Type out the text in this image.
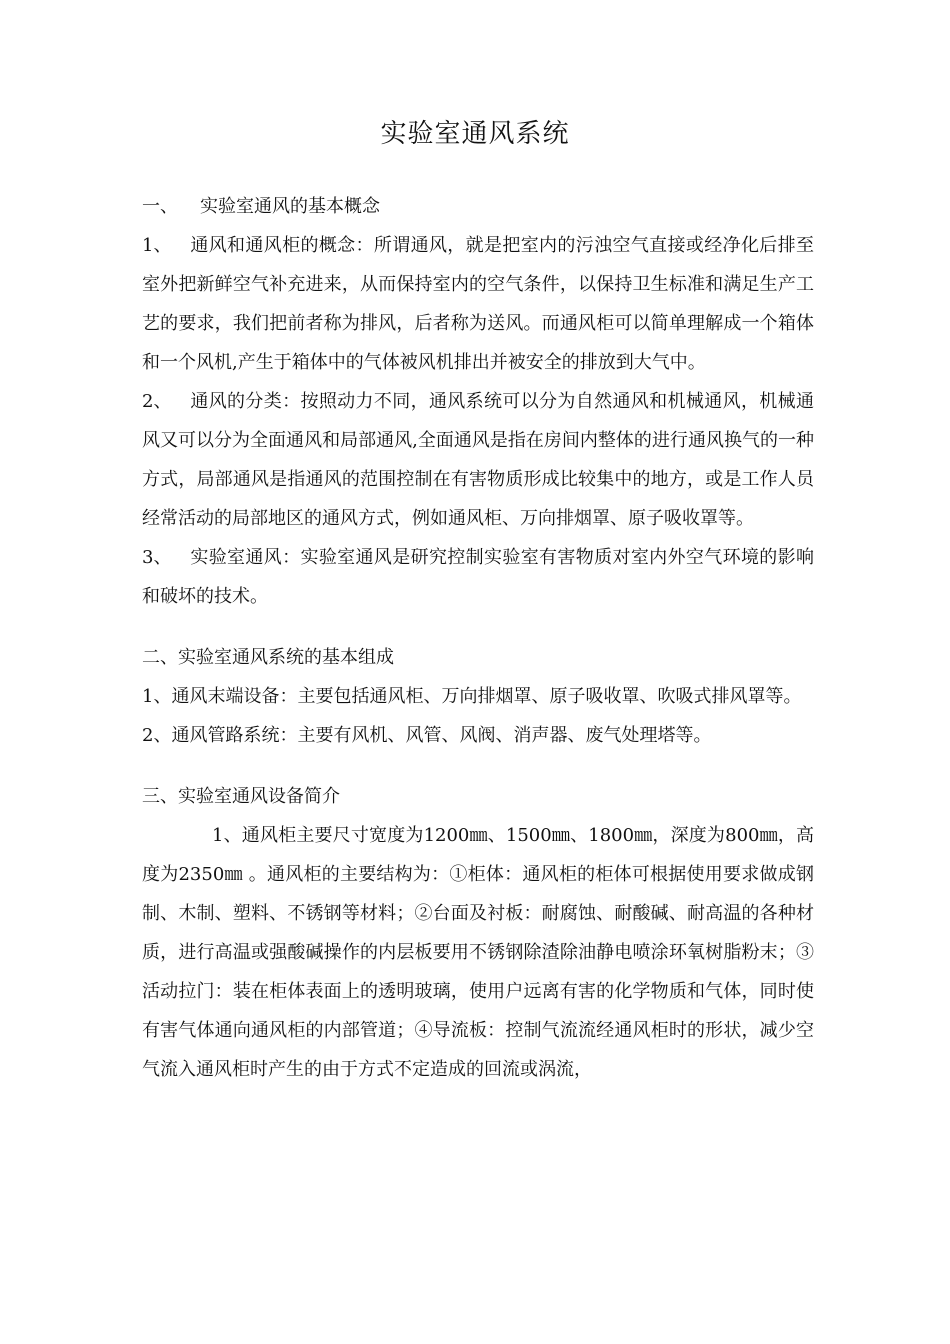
实验室通风系统

一、 实验室通风的基本概念

1、 通风和通风柜的概念：所谓通风，就是把室内的污浊空气直接或经净化后排至室外把新鲜空气补充进来，从而保持室内的空气条件，以保持卫生标准和满足生产工艺的要求，我们把前者称为排风，后者称为送风。而通风柜可以简单理解成一个箱体和一个风机,产生于箱体中的气体被风机排出并被安全的排放到大气中。

2、 通风的分类：按照动力不同，通风系统可以分为自然通风和机械通风，机械通风又可以分为全面通风和局部通风,全面通风是指在房间内整体的进行通风换气的一种方式，局部通风是指通风的范围控制在有害物质形成比较集中的地方，或是工作人员经常活动的局部地区的通风方式，例如通风柜、万向排烟罩、原子吸收罩等。

3、 实验室通风：实验室通风是研究控制实验室有害物质对室内外空气环境的影响和破坏的技术。

二、实验室通风系统的基本组成

1、通风末端设备：主要包括通风柜、万向排烟罩、原子吸收罩、吹吸式排风罩等。

2、通风管路系统：主要有风机、风管、风阀、消声器、废气处理塔等。

三、实验室通风设备简介

1、通风柜主要尺寸宽度为1200㎜、1500㎜、1800㎜，深度为800㎜，高度为2350㎜ 。通风柜的主要结构为：①柜体：通风柜的柜体可根据使用要求做成钢制、木制、塑料、不锈钢等材料；②台面及衬板：耐腐蚀、耐酸碱、耐高温的各种材质，进行高温或强酸碱操作的内层板要用不锈钢除渣除油静电喷涂环氧树脂粉末；③活动拉门：装在柜体表面上的透明玻璃，使用户远离有害的化学物质和气体，同时使有害气体通向通风柜的内部管道；④导流板：控制气流流经通风柜时的形状，减少空气流入通风柜时产生的由于方式不定造成的回流或涡流，
